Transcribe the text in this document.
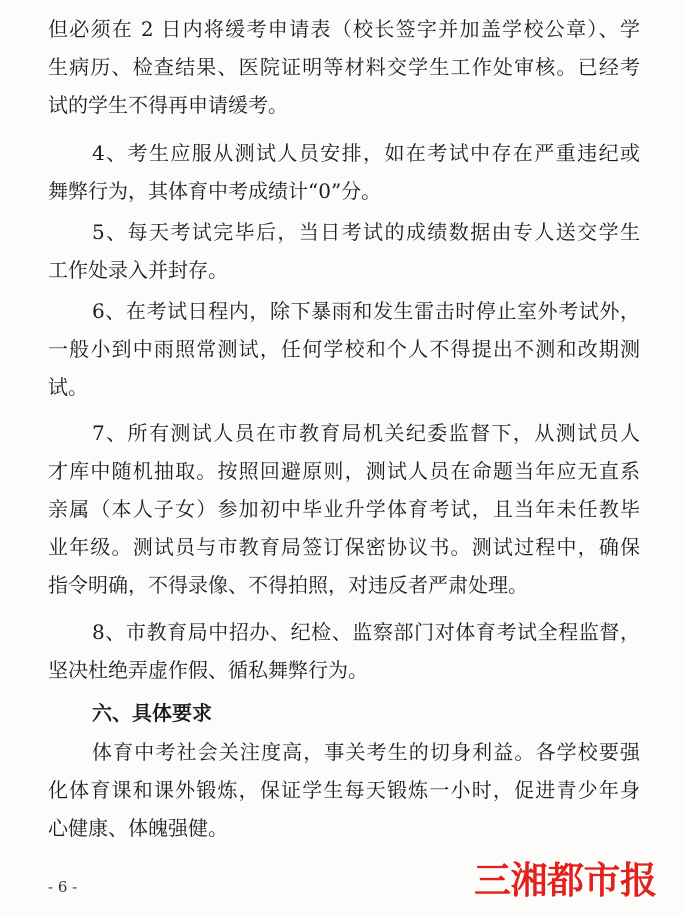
但必须在 2 日内将缓考申请表（校长签字并加盖学校公章）、学
生病历、检查结果、医院证明等材料交学生工作处审核。已经考
试的学生不得再申请缓考。
4、考生应服从测试人员安排，如在考试中存在严重违纪或
舞弊行为，其体育中考成绩计“0”分。
5、每天考试完毕后，当日考试的成绩数据由专人送交学生
工作处录入并封存。
6、在考试日程内，除下暴雨和发生雷击时停止室外考试外，
一般小到中雨照常测试，任何学校和个人不得提出不测和改期测
试。
7、所有测试人员在市教育局机关纪委监督下，从测试员人
才库中随机抽取。按照回避原则，测试人员在命题当年应无直系
亲属（本人子女）参加初中毕业升学体育考试，且当年未任教毕
业年级。测试员与市教育局签订保密协议书。测试过程中，确保
指令明确，不得录像、不得拍照，对违反者严肃处理。
8、市教育局中招办、纪检、监察部门对体育考试全程监督，
坚决杜绝弄虚作假、循私舞弊行为。
六、具体要求
体育中考社会关注度高，事关考生的切身利益。各学校要强
化体育课和课外锻炼，保证学生每天锻炼一小时，促进青少年身
心健康、体魄强健。
- 6 -	三湘都市报
